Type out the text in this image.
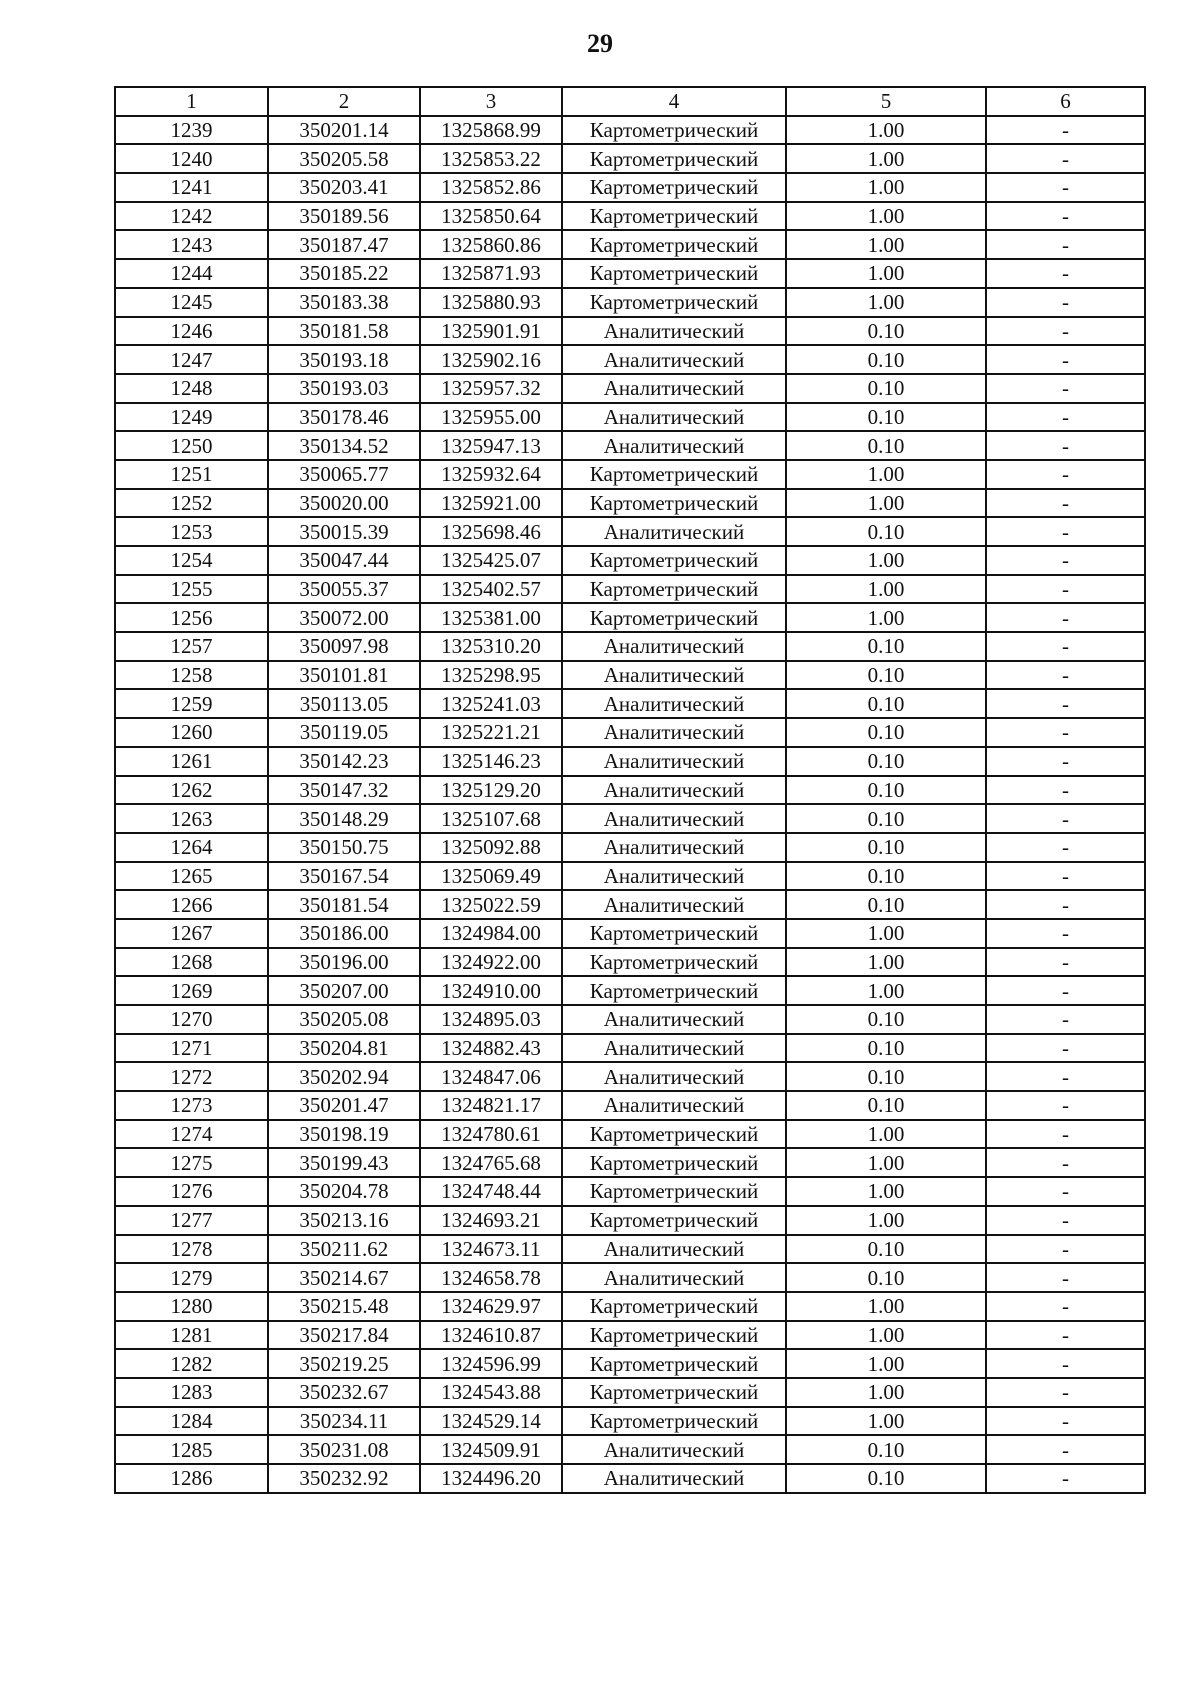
29
1	2	3	4	5	6
1239	350201.14	1325868.99	Картометрический	1.00	-
1240	350205.58	1325853.22	Картометрический	1.00	-
1241	350203.41	1325852.86	Картометрический	1.00	-
1242	350189.56	1325850.64	Картометрический	1.00	-
1243	350187.47	1325860.86	Картометрический	1.00	-
1244	350185.22	1325871.93	Картометрический	1.00	-
1245	350183.38	1325880.93	Картометрический	1.00	-
1246	350181.58	1325901.91	Аналитический	0.10	-
1247	350193.18	1325902.16	Аналитический	0.10	-
1248	350193.03	1325957.32	Аналитический	0.10	-
1249	350178.46	1325955.00	Аналитический	0.10	-
1250	350134.52	1325947.13	Аналитический	0.10	-
1251	350065.77	1325932.64	Картометрический	1.00	-
1252	350020.00	1325921.00	Картометрический	1.00	-
1253	350015.39	1325698.46	Аналитический	0.10	-
1254	350047.44	1325425.07	Картометрический	1.00	-
1255	350055.37	1325402.57	Картометрический	1.00	-
1256	350072.00	1325381.00	Картометрический	1.00	-
1257	350097.98	1325310.20	Аналитический	0.10	-
1258	350101.81	1325298.95	Аналитический	0.10	-
1259	350113.05	1325241.03	Аналитический	0.10	-
1260	350119.05	1325221.21	Аналитический	0.10	-
1261	350142.23	1325146.23	Аналитический	0.10	-
1262	350147.32	1325129.20	Аналитический	0.10	-
1263	350148.29	1325107.68	Аналитический	0.10	-
1264	350150.75	1325092.88	Аналитический	0.10	-
1265	350167.54	1325069.49	Аналитический	0.10	-
1266	350181.54	1325022.59	Аналитический	0.10	-
1267	350186.00	1324984.00	Картометрический	1.00	-
1268	350196.00	1324922.00	Картометрический	1.00	-
1269	350207.00	1324910.00	Картометрический	1.00	-
1270	350205.08	1324895.03	Аналитический	0.10	-
1271	350204.81	1324882.43	Аналитический	0.10	-
1272	350202.94	1324847.06	Аналитический	0.10	-
1273	350201.47	1324821.17	Аналитический	0.10	-
1274	350198.19	1324780.61	Картометрический	1.00	-
1275	350199.43	1324765.68	Картометрический	1.00	-
1276	350204.78	1324748.44	Картометрический	1.00	-
1277	350213.16	1324693.21	Картометрический	1.00	-
1278	350211.62	1324673.11	Аналитический	0.10	-
1279	350214.67	1324658.78	Аналитический	0.10	-
1280	350215.48	1324629.97	Картометрический	1.00	-
1281	350217.84	1324610.87	Картометрический	1.00	-
1282	350219.25	1324596.99	Картометрический	1.00	-
1283	350232.67	1324543.88	Картометрический	1.00	-
1284	350234.11	1324529.14	Картометрический	1.00	-
1285	350231.08	1324509.91	Аналитический	0.10	-
1286	350232.92	1324496.20	Аналитический	0.10	-
